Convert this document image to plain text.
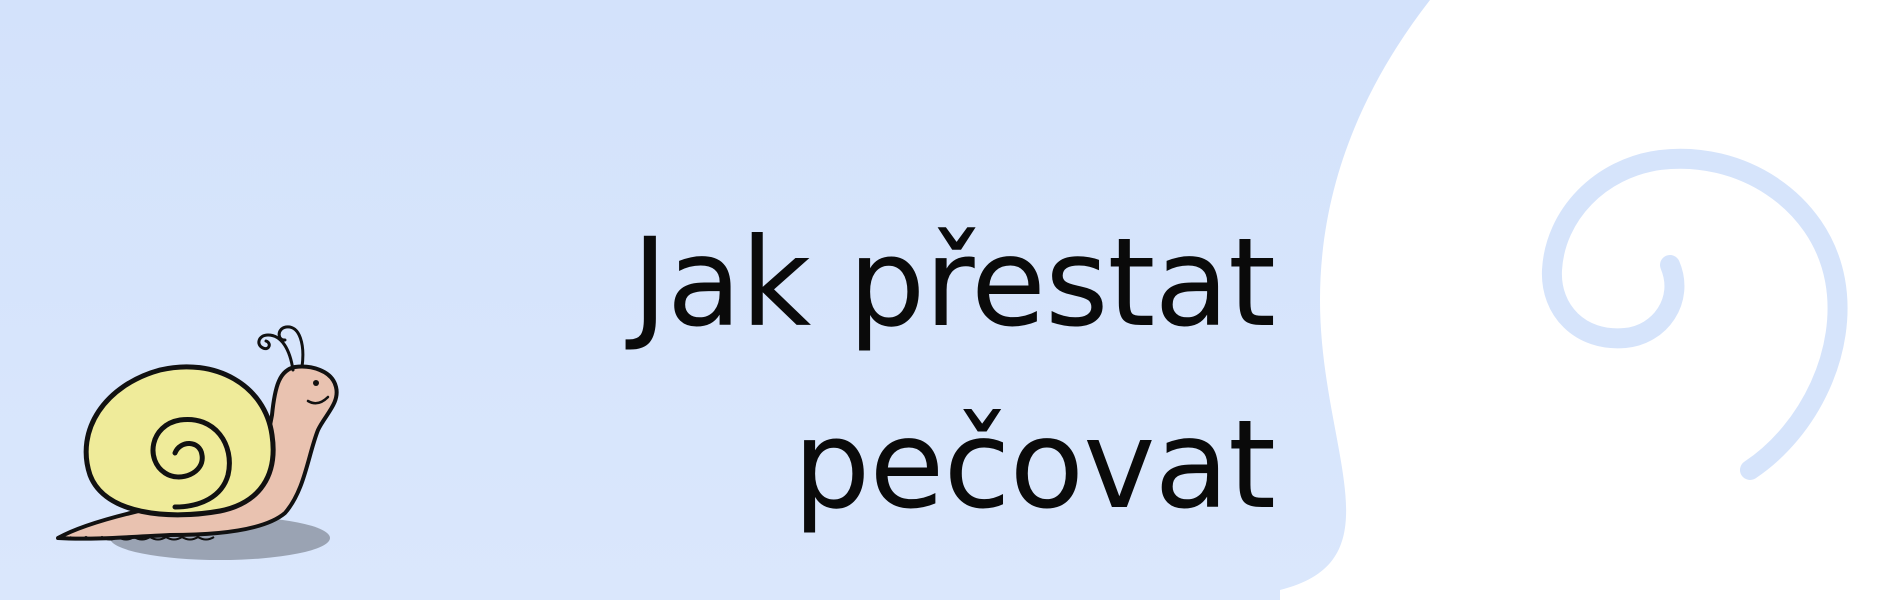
Jak přestat
pečovat
